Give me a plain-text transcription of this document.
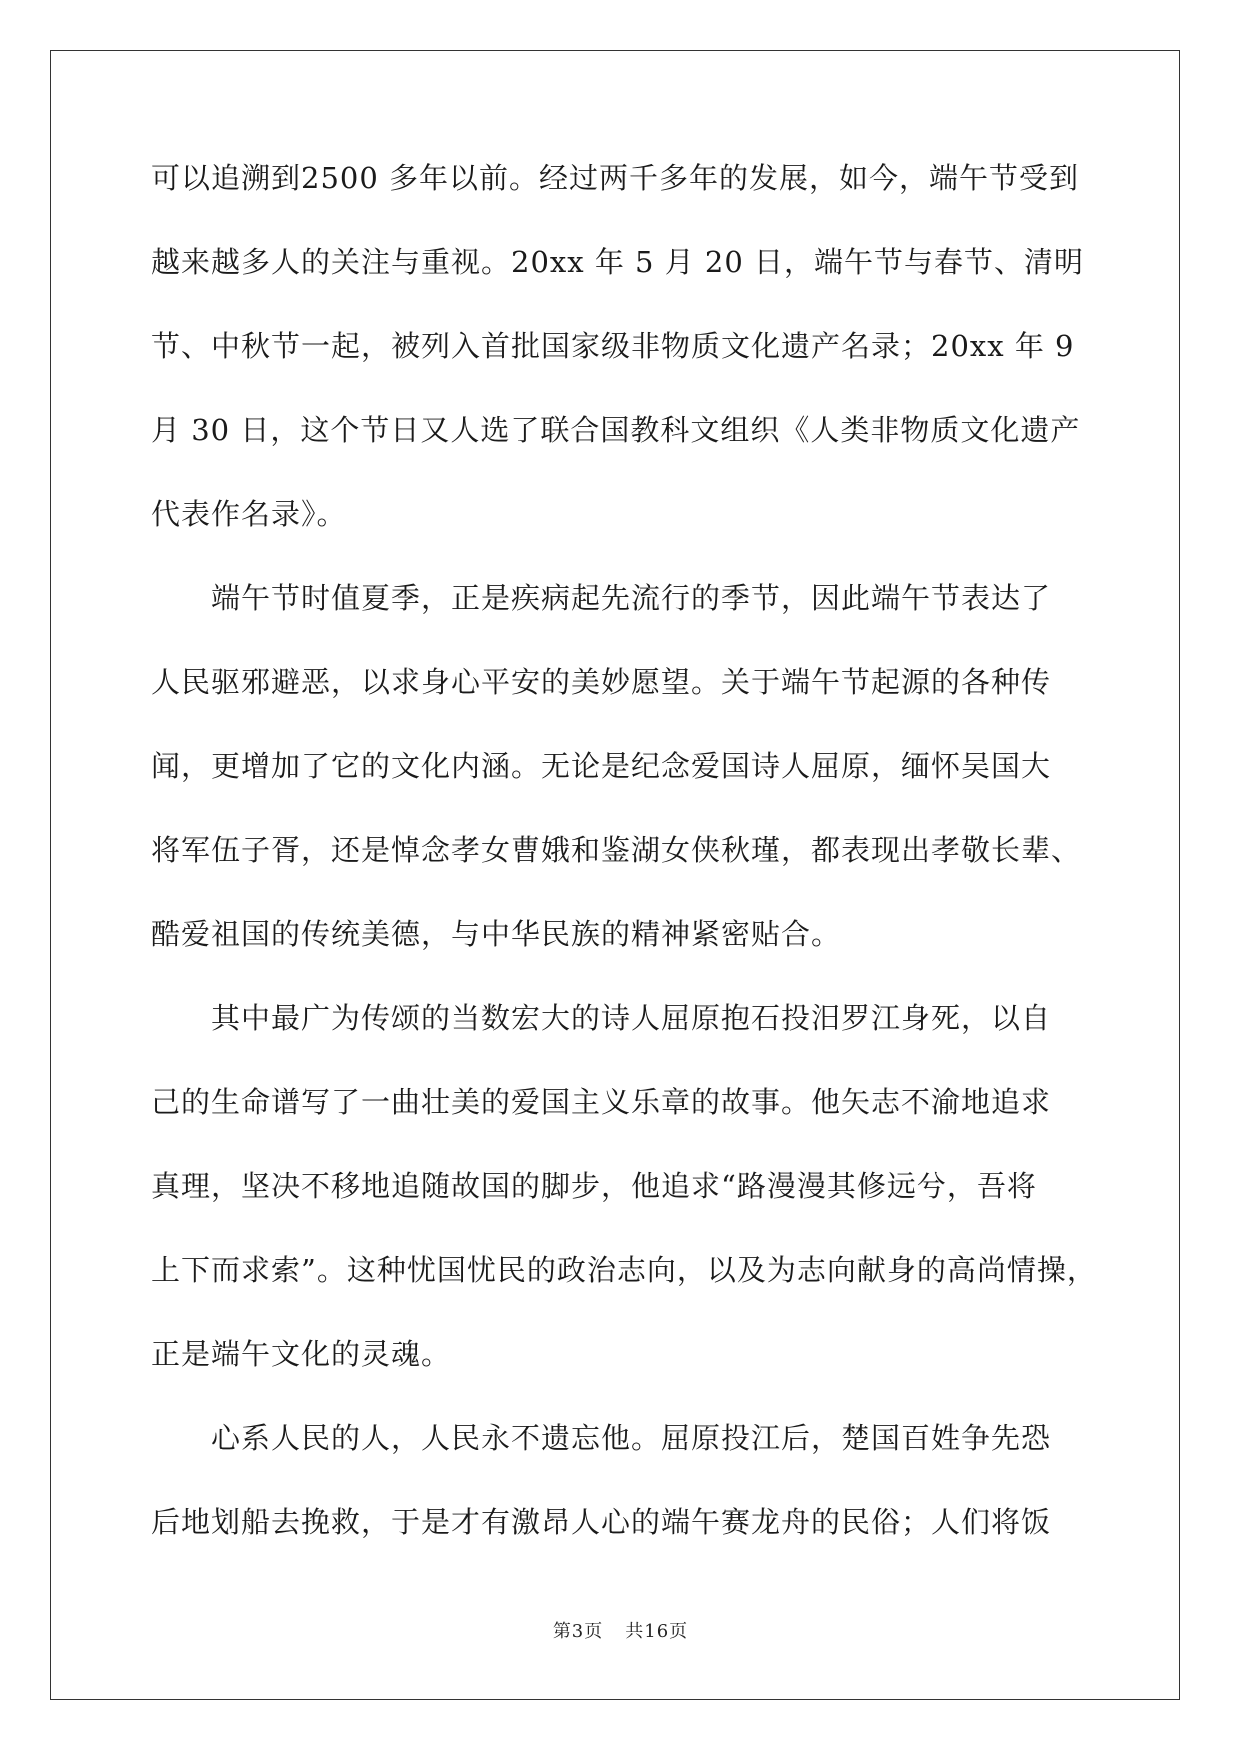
可以追溯到2500 多年以前。经过两千多年的发展，如今，端午节受到
越来越多人的关注与重视。20xx 年 5 月 20 日，端午节与春节、清明
节、中秋节一起，被列入首批国家级非物质文化遗产名录；20xx 年 9
月 30 日，这个节日又人选了联合国教科文组织《人类非物质文化遗产
代表作名录》。
　　端午节时值夏季，正是疾病起先流行的季节，因此端午节表达了
人民驱邪避恶，以求身心平安的美妙愿望。关于端午节起源的各种传
闻，更增加了它的文化内涵。无论是纪念爱国诗人屈原，缅怀吴国大
将军伍子胥，还是悼念孝女曹娥和鉴湖女侠秋瑾，都表现出孝敬长辈、
酷爱祖国的传统美德，与中华民族的精神紧密贴合。
　　其中最广为传颂的当数宏大的诗人屈原抱石投汨罗江身死，以自
己的生命谱写了一曲壮美的爱国主义乐章的故事。他矢志不渝地追求
真理，坚决不移地追随故国的脚步，他追求“路漫漫其修远兮，吾将
上下而求索”。这种忧国忧民的政治志向，以及为志向献身的高尚情操，
正是端午文化的灵魂。
　　心系人民的人，人民永不遗忘他。屈原投江后，楚国百姓争先恐
后地划船去挽救，于是才有激昂人心的端午赛龙舟的民俗；人们将饭
第3页 共16页
